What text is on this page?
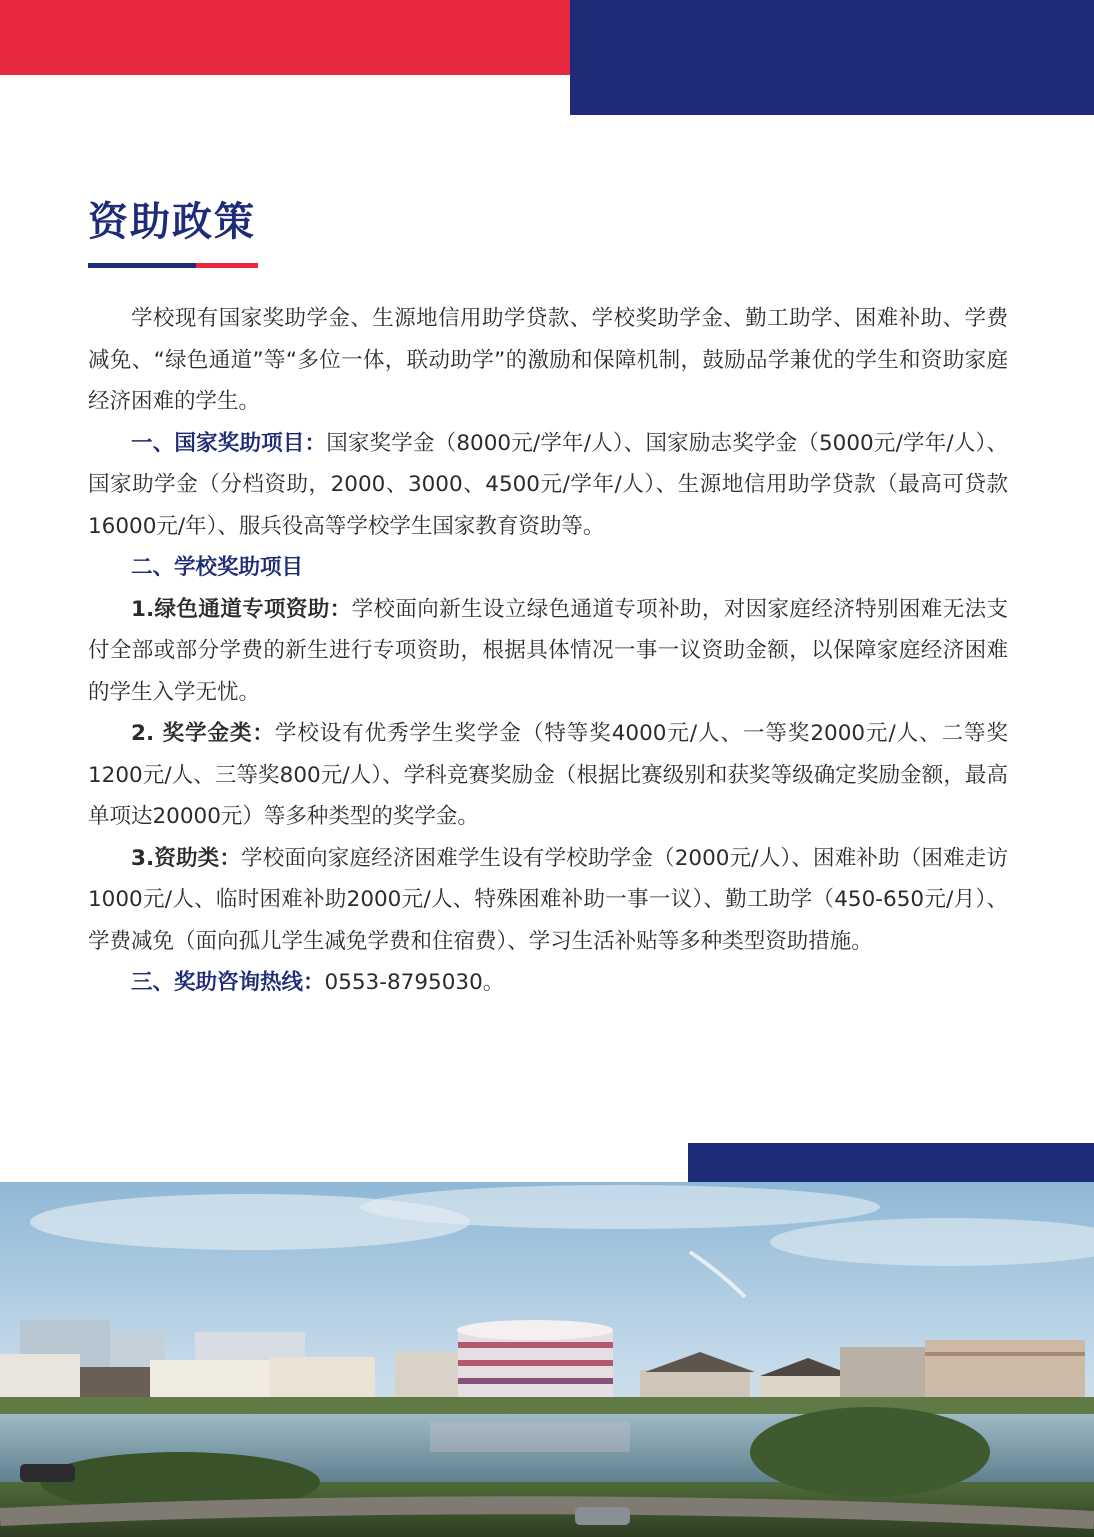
资助政策

学校现有国家奖助学金、生源地信用助学贷款、学校奖助学金、勤工助学、困难补助、学费减免、“绿色通道”等“多位一体，联动助学”的激励和保障机制，鼓励品学兼优的学生和资助家庭经济困难的学生。

一、国家奖助项目：国家奖学金（8000元/学年/人）、国家励志奖学金（5000元/学年/人）、国家助学金（分档资助，2000、3000、4500元/学年/人）、生源地信用助学贷款（最高可贷款16000元/年）、服兵役高等学校学生国家教育资助等。

二、学校奖助项目

1.绿色通道专项资助：学校面向新生设立绿色通道专项补助，对因家庭经济特别困难无法支付全部或部分学费的新生进行专项资助，根据具体情况一事一议资助金额，以保障家庭经济困难的学生入学无忧。

2. 奖学金类：学校设有优秀学生奖学金（特等奖4000元/人、一等奖2000元/人、二等奖1200元/人、三等奖800元/人）、学科竞赛奖励金（根据比赛级别和获奖等级确定奖励金额，最高单项达20000元）等多种类型的奖学金。

3.资助类：学校面向家庭经济困难学生设有学校助学金（2000元/人）、困难补助（困难走访1000元/人、临时困难补助2000元/人、特殊困难补助一事一议）、勤工助学（450-650元/月）、学费减免（面向孤儿学生减免学费和住宿费）、学习生活补贴等多种类型资助措施。

三、奖助咨询热线：0553-8795030。
